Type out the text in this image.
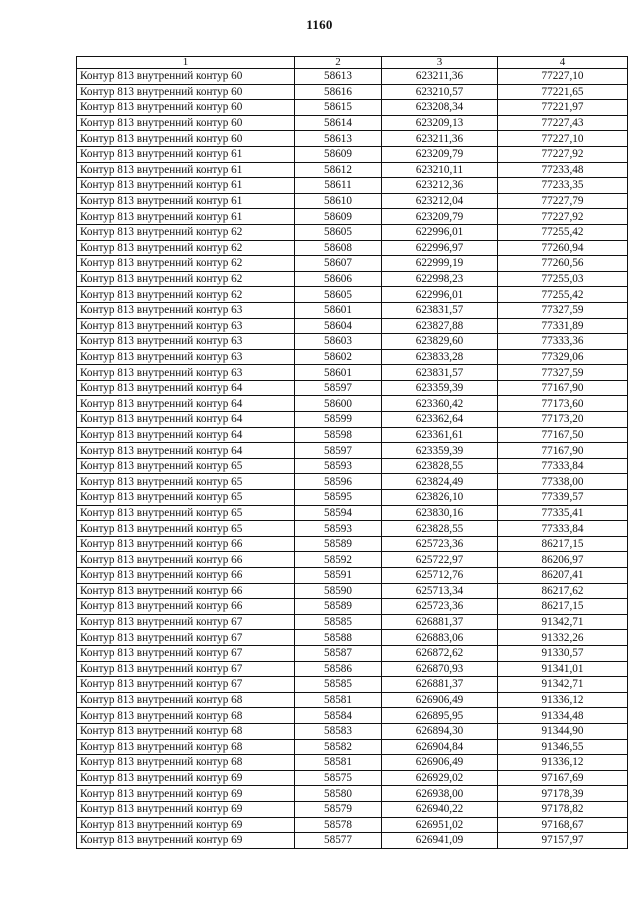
1160
1	2	3	4
Контур 813 внутренний контур 60	58613	623211,36	77227,10
Контур 813 внутренний контур 60	58616	623210,57	77221,65
Контур 813 внутренний контур 60	58615	623208,34	77221,97
Контур 813 внутренний контур 60	58614	623209,13	77227,43
Контур 813 внутренний контур 60	58613	623211,36	77227,10
Контур 813 внутренний контур 61	58609	623209,79	77227,92
Контур 813 внутренний контур 61	58612	623210,11	77233,48
Контур 813 внутренний контур 61	58611	623212,36	77233,35
Контур 813 внутренний контур 61	58610	623212,04	77227,79
Контур 813 внутренний контур 61	58609	623209,79	77227,92
Контур 813 внутренний контур 62	58605	622996,01	77255,42
Контур 813 внутренний контур 62	58608	622996,97	77260,94
Контур 813 внутренний контур 62	58607	622999,19	77260,56
Контур 813 внутренний контур 62	58606	622998,23	77255,03
Контур 813 внутренний контур 62	58605	622996,01	77255,42
Контур 813 внутренний контур 63	58601	623831,57	77327,59
Контур 813 внутренний контур 63	58604	623827,88	77331,89
Контур 813 внутренний контур 63	58603	623829,60	77333,36
Контур 813 внутренний контур 63	58602	623833,28	77329,06
Контур 813 внутренний контур 63	58601	623831,57	77327,59
Контур 813 внутренний контур 64	58597	623359,39	77167,90
Контур 813 внутренний контур 64	58600	623360,42	77173,60
Контур 813 внутренний контур 64	58599	623362,64	77173,20
Контур 813 внутренний контур 64	58598	623361,61	77167,50
Контур 813 внутренний контур 64	58597	623359,39	77167,90
Контур 813 внутренний контур 65	58593	623828,55	77333,84
Контур 813 внутренний контур 65	58596	623824,49	77338,00
Контур 813 внутренний контур 65	58595	623826,10	77339,57
Контур 813 внутренний контур 65	58594	623830,16	77335,41
Контур 813 внутренний контур 65	58593	623828,55	77333,84
Контур 813 внутренний контур 66	58589	625723,36	86217,15
Контур 813 внутренний контур 66	58592	625722,97	86206,97
Контур 813 внутренний контур 66	58591	625712,76	86207,41
Контур 813 внутренний контур 66	58590	625713,34	86217,62
Контур 813 внутренний контур 66	58589	625723,36	86217,15
Контур 813 внутренний контур 67	58585	626881,37	91342,71
Контур 813 внутренний контур 67	58588	626883,06	91332,26
Контур 813 внутренний контур 67	58587	626872,62	91330,57
Контур 813 внутренний контур 67	58586	626870,93	91341,01
Контур 813 внутренний контур 67	58585	626881,37	91342,71
Контур 813 внутренний контур 68	58581	626906,49	91336,12
Контур 813 внутренний контур 68	58584	626895,95	91334,48
Контур 813 внутренний контур 68	58583	626894,30	91344,90
Контур 813 внутренний контур 68	58582	626904,84	91346,55
Контур 813 внутренний контур 68	58581	626906,49	91336,12
Контур 813 внутренний контур 69	58575	626929,02	97167,69
Контур 813 внутренний контур 69	58580	626938,00	97178,39
Контур 813 внутренний контур 69	58579	626940,22	97178,82
Контур 813 внутренний контур 69	58578	626951,02	97168,67
Контур 813 внутренний контур 69	58577	626941,09	97157,97
